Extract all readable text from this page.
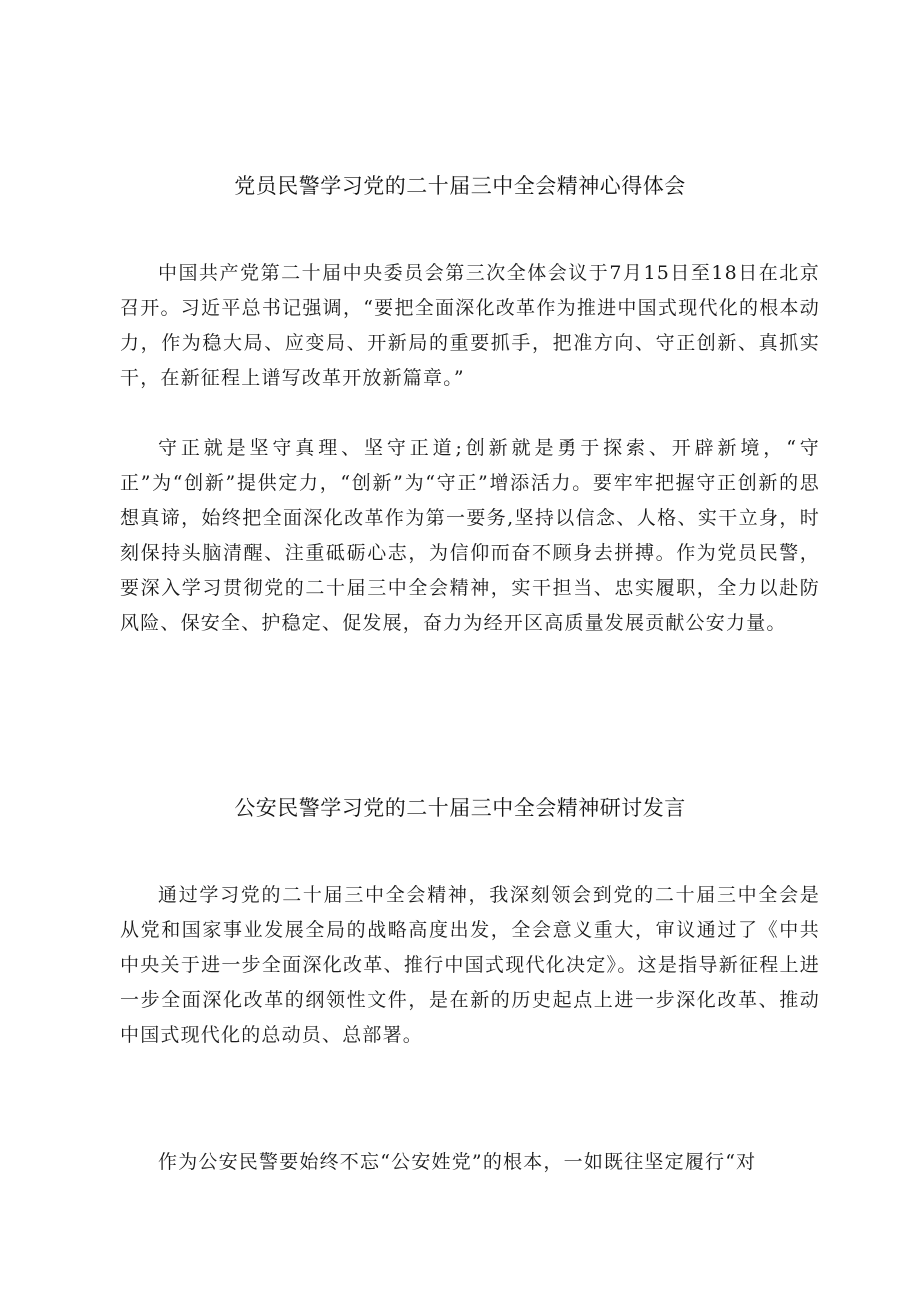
党员民警学习党的二十届三中全会精神心得体会

中国共产党第二十届中央委员会第三次全体会议于7月15日至18日在北京召开。习近平总书记强调，“要把全面深化改革作为推进中国式现代化的根本动力，作为稳大局、应变局、开新局的重要抓手，把准方向、守正创新、真抓实干，在新征程上谱写改革开放新篇章。”

守正就是坚守真理、坚守正道;创新就是勇于探索、开辟新境，“守正”为“创新”提供定力，“创新”为“守正”增添活力。要牢牢把握守正创新的思想真谛，始终把全面深化改革作为第一要务,坚持以信念、人格、实干立身，时刻保持头脑清醒、注重砥砺心志，为信仰而奋不顾身去拼搏。作为党员民警，要深入学习贯彻党的二十届三中全会精神，实干担当、忠实履职，全力以赴防风险、保安全、护稳定、促发展，奋力为经开区高质量发展贡献公安力量。

公安民警学习党的二十届三中全会精神研讨发言

通过学习党的二十届三中全会精神，我深刻领会到党的二十届三中全会是从党和国家事业发展全局的战略高度出发，全会意义重大，审议通过了《中共中央关于进一步全面深化改革、推行中国式现代化决定》。这是指导新征程上进一步全面深化改革的纲领性文件，是在新的历史起点上进一步深化改革、推动中国式现代化的总动员、总部署。

作为公安民警要始终不忘“公安姓党”的根本，一如既往坚定履行“对
